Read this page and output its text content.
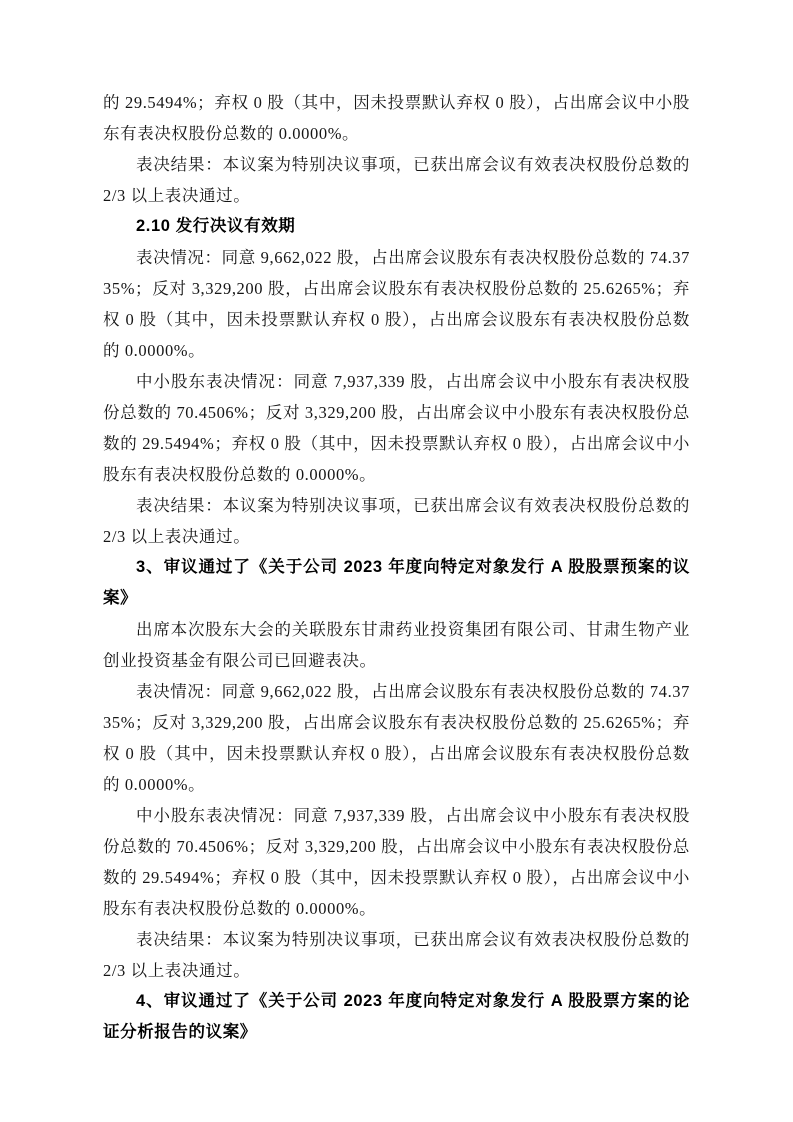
的 29.5494%；弃权 0 股（其中，因未投票默认弃权 0 股），占出席会议中小股东有表决权股份总数的 0.0000%。

表决结果：本议案为特别决议事项，已获出席会议有效表决权股份总数的 2/3 以上表决通过。

2.10 发行决议有效期

表决情况：同意 9,662,022 股，占出席会议股东有表决权股份总数的 74.3735%；反对 3,329,200 股，占出席会议股东有表决权股份总数的 25.6265%；弃权 0 股（其中，因未投票默认弃权 0 股），占出席会议股东有表决权股份总数的 0.0000%。

中小股东表决情况：同意 7,937,339 股，占出席会议中小股东有表决权股份总数的 70.4506%；反对 3,329,200 股，占出席会议中小股东有表决权股份总数的 29.5494%；弃权 0 股（其中，因未投票默认弃权 0 股），占出席会议中小股东有表决权股份总数的 0.0000%。

表决结果：本议案为特别决议事项，已获出席会议有效表决权股份总数的 2/3 以上表决通过。

3、审议通过了《关于公司 2023 年度向特定对象发行 A 股股票预案的议案》

出席本次股东大会的关联股东甘肃药业投资集团有限公司、甘肃生物产业创业投资基金有限公司已回避表决。

表决情况：同意 9,662,022 股，占出席会议股东有表决权股份总数的 74.3735%；反对 3,329,200 股，占出席会议股东有表决权股份总数的 25.6265%；弃权 0 股（其中，因未投票默认弃权 0 股），占出席会议股东有表决权股份总数的 0.0000%。

中小股东表决情况：同意 7,937,339 股，占出席会议中小股东有表决权股份总数的 70.4506%；反对 3,329,200 股，占出席会议中小股东有表决权股份总数的 29.5494%；弃权 0 股（其中，因未投票默认弃权 0 股），占出席会议中小股东有表决权股份总数的 0.0000%。

表决结果：本议案为特别决议事项，已获出席会议有效表决权股份总数的 2/3 以上表决通过。

4、审议通过了《关于公司 2023 年度向特定对象发行 A 股股票方案的论证分析报告的议案》
